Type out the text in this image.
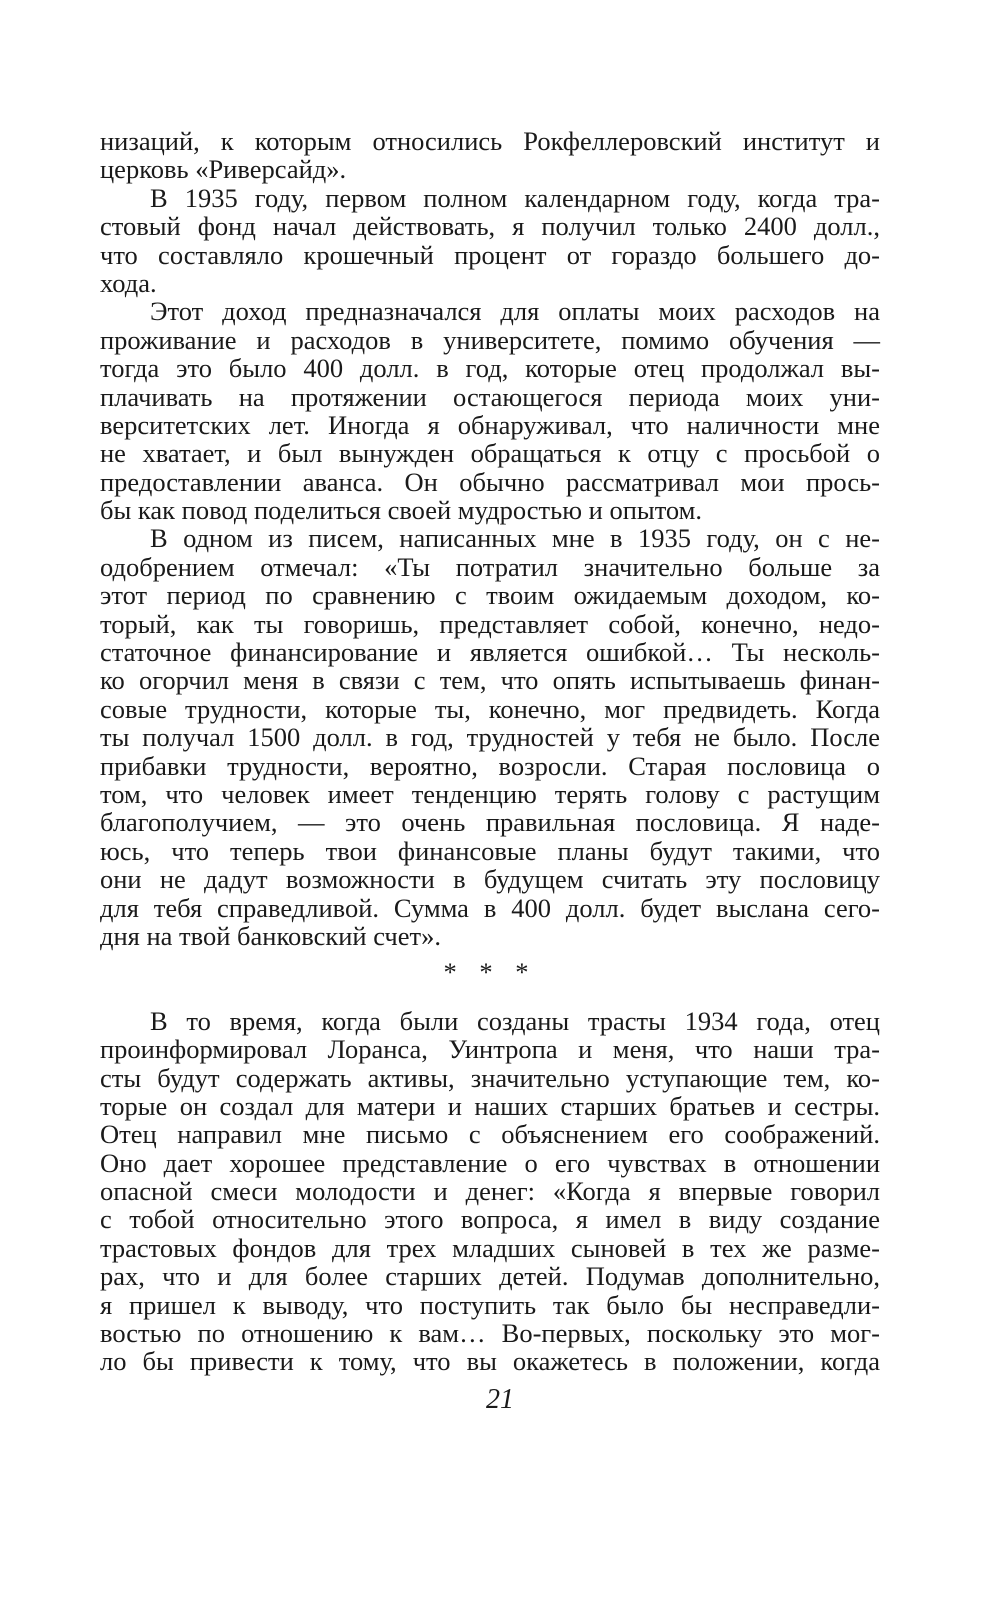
низаций, к которым относились Рокфеллеровский институт и
церковь «Риверсайд».
В 1935 году, первом полном календарном году, когда тра-
стовый фонд начал действовать, я получил только 2400 долл.,
что составляло крошечный процент от гораздо большего до-
хода.
Этот доход предназначался для оплаты моих расходов на
проживание и расходов в университете, помимо обучения —
тогда это было 400 долл. в год, которые отец продолжал вы-
плачивать на протяжении остающегося периода моих уни-
верситетских лет. Иногда я обнаруживал, что наличности мне
не хватает, и был вынужден обращаться к отцу с просьбой о
предоставлении аванса. Он обычно рассматривал мои прось-
бы как повод поделиться своей мудростью и опытом.
В одном из писем, написанных мне в 1935 году, он с не-
одобрением отмечал: «Ты потратил значительно больше за
этот период по сравнению с твоим ожидаемым доходом, ко-
торый, как ты говоришь, представляет собой, конечно, недо-
статочное финансирование и является ошибкой… Ты несколь-
ко огорчил меня в связи с тем, что опять испытываешь финан-
совые трудности, которые ты, конечно, мог предвидеть. Когда
ты получал 1500 долл. в год, трудностей у тебя не было. После
прибавки трудности, вероятно, возросли. Старая пословица о
том, что человек имеет тенденцию терять голову с растущим
благополучием, — это очень правильная пословица. Я наде-
юсь, что теперь твои финансовые планы будут такими, что
они не дадут возможности в будущем считать эту пословицу
для тебя справедливой. Сумма в 400 долл. будет выслана сего-
дня на твой банковский счет».
* * *
В то время, когда были созданы трасты 1934 года, отец
проинформировал Лоранса, Уинтропа и меня, что наши тра-
сты будут содержать активы, значительно уступающие тем, ко-
торые он создал для матери и наших старших братьев и сестры.
Отец направил мне письмо с объяснением его соображений.
Оно дает хорошее представление о его чувствах в отношении
опасной смеси молодости и денег: «Когда я впервые говорил
с тобой относительно этого вопроса, я имел в виду создание
трастовых фондов для трех младших сыновей в тех же разме-
рах, что и для более старших детей. Подумав дополнительно,
я пришел к выводу, что поступить так было бы несправедли-
востью по отношению к вам… Во-первых, поскольку это мог-
ло бы привести к тому, что вы окажетесь в положении, когда
21
